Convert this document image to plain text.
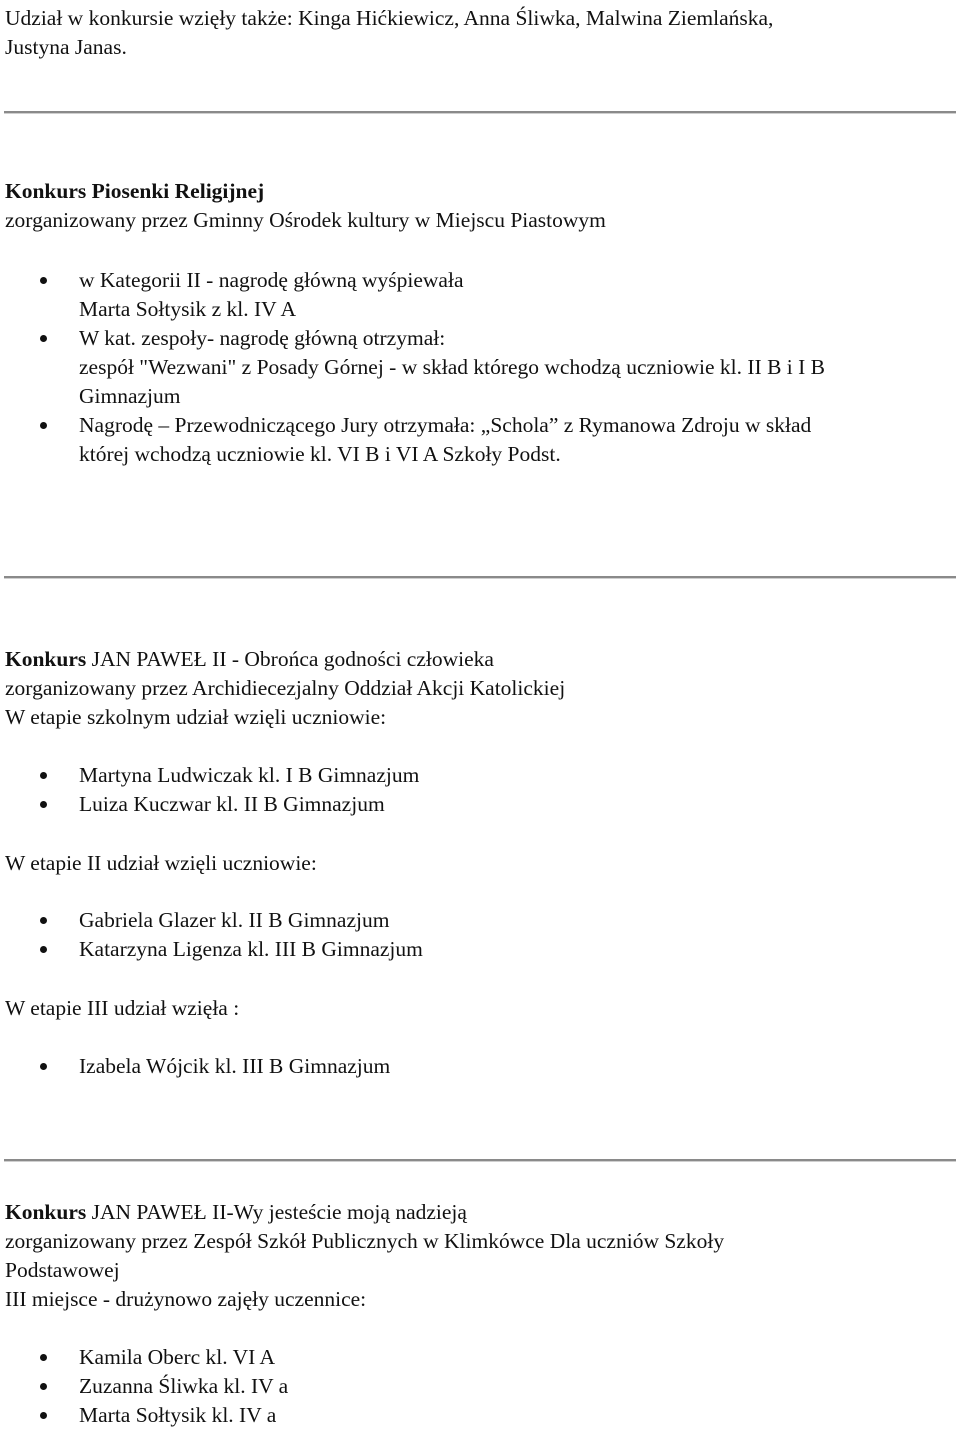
Udział w konkursie wzięły także: Kinga Hićkiewicz, Anna Śliwka, Malwina Ziemlańska,
Justyna Janas.
Konkurs Piosenki Religijnej
zorganizowany przez Gminny Ośrodek kultury w Miejscu Piastowym
w Kategorii II - nagrodę główną wyśpiewała
Marta Sołtysik z kl. IV A
W kat. zespoły- nagrodę główną otrzymał:
zespół "Wezwani" z Posady Górnej - w skład którego wchodzą uczniowie kl. II B i I B
Gimnazjum
Nagrodę – Przewodniczącego Jury otrzymała: „Schola” z Rymanowa Zdroju w skład
której wchodzą uczniowie kl. VI B i VI A Szkoły Podst.
Konkurs JAN PAWEŁ II - Obrońca godności człowieka
zorganizowany przez Archidiecezjalny Oddział Akcji Katolickiej
W etapie szkolnym udział wzięli uczniowie:
Martyna Ludwiczak kl. I B Gimnazjum
Luiza Kuczwar kl. II B Gimnazjum
W etapie II udział wzięli uczniowie:
Gabriela Glazer kl. II B Gimnazjum
Katarzyna Ligenza kl. III B Gimnazjum
W etapie III udział wzięła :
Izabela Wójcik kl. III B Gimnazjum
Konkurs JAN PAWEŁ II-Wy jesteście moją nadzieją
zorganizowany przez Zespół Szkół Publicznych w Klimkówce Dla uczniów Szkoły
Podstawowej
III miejsce - drużynowo zajęły uczennice:
Kamila Oberc kl. VI A
Zuzanna Śliwka kl. IV a
Marta Sołtysik kl. IV a
